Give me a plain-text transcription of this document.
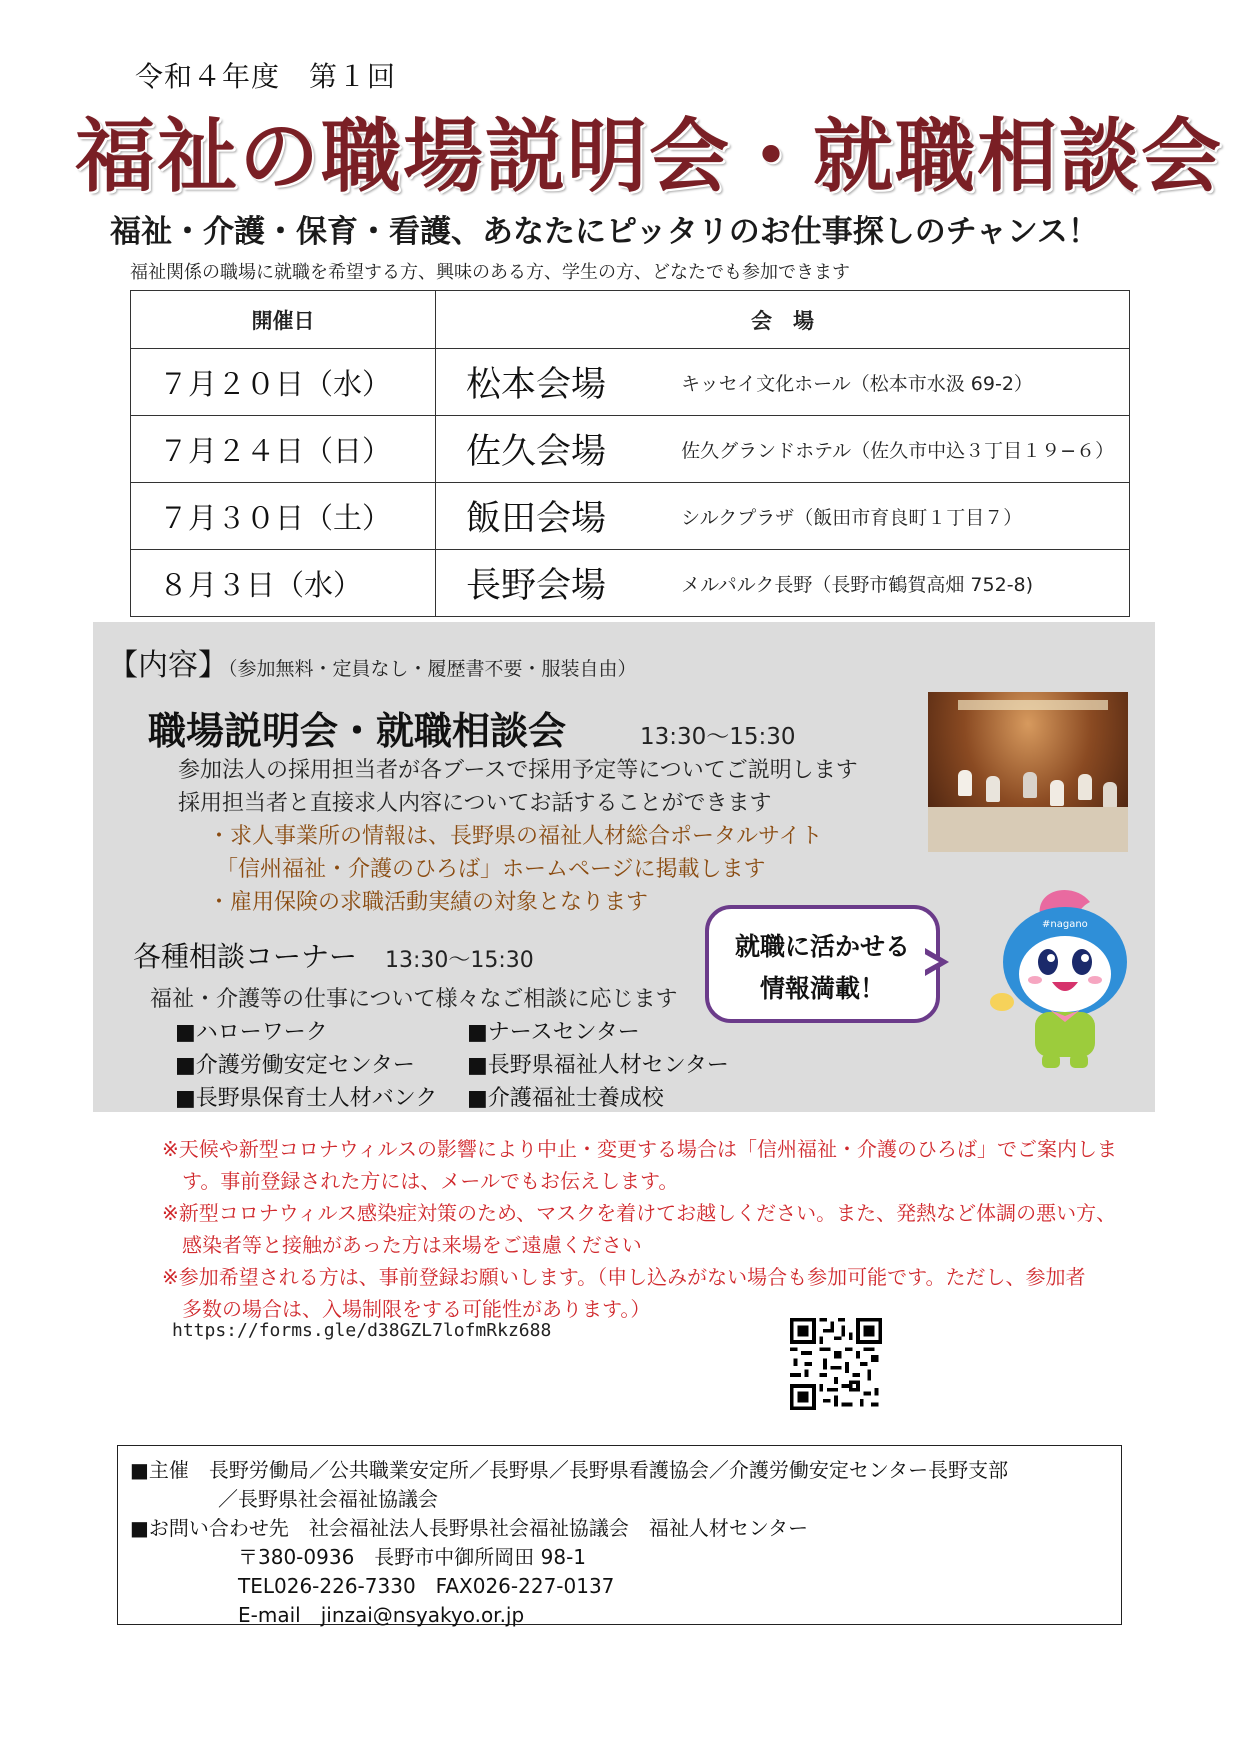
令和４年度　第１回
福祉の職場説明会・就職相談会
福祉・介護・保育・看護、あなたにピッタリのお仕事探しのチャンス！
福祉関係の職場に就職を希望する方、興味のある方、学生の方、どなたでも参加できます
開催日	会　場
７月２０日（水）	松本会場 キッセイ文化ホール（松本市水汲 69-2）
７月２４日（日）	佐久会場 佐久グランドホテル（佐久市中込３丁目１９−６）
７月３０日（土）	飯田会場 シルクプラザ（飯田市育良町１丁目７）
８月３日（水）	長野会場 メルパルク長野（長野市鶴賀高畑 752-8)
【内容】（参加無料・定員なし・履歴書不要・服装自由）
職場説明会・就職相談会	13:30〜15:30
参加法人の採用担当者が各ブースで採用予定等についてご説明します
採用担当者と直接求人内容についてお話することができます
・求人事業所の情報は、長野県の福祉人材総合ポータルサイト
「信州福祉・介護のひろば」ホームページに掲載します
・雇用保険の求職活動実績の対象となります
各種相談コーナー 13:30〜15:30
福祉・介護等の仕事について様々なご相談に応じます
■ハローワーク
■介護労働安定センター
■長野県保育士人材バンク
■ナースセンター
■長野県福祉人材センター
■介護福祉士養成校
就職に活かせる
情報満載！
#nagano
※天候や新型コロナウィルスの影響により中止・変更する場合は「信州福祉・介護のひろば」でご案内しま
す。事前登録された方には、メールでもお伝えします。
※新型コロナウィルス感染症対策のため、マスクを着けてお越しください。また、発熱など体調の悪い方、
感染者等と接触があった方は来場をご遠慮ください
※参加希望される方は、事前登録お願いします。（申し込みがない場合も参加可能です。ただし、参加者
多数の場合は、入場制限をする可能性があります。）
https://forms.gle/d38GZL7lofmRkz688
■主催　長野労働局／公共職業安定所／長野県／長野県看護協会／介護労働安定センター長野支部
／長野県社会福祉協議会
■お問い合わせ先　社会福祉法人長野県社会福祉協議会　福祉人材センター
〒380-0936　長野市中御所岡田 98-1
TEL026‐226‐7330　FAX026‐227‐0137
E-mail　jinzai@nsyakyo.or.jp
